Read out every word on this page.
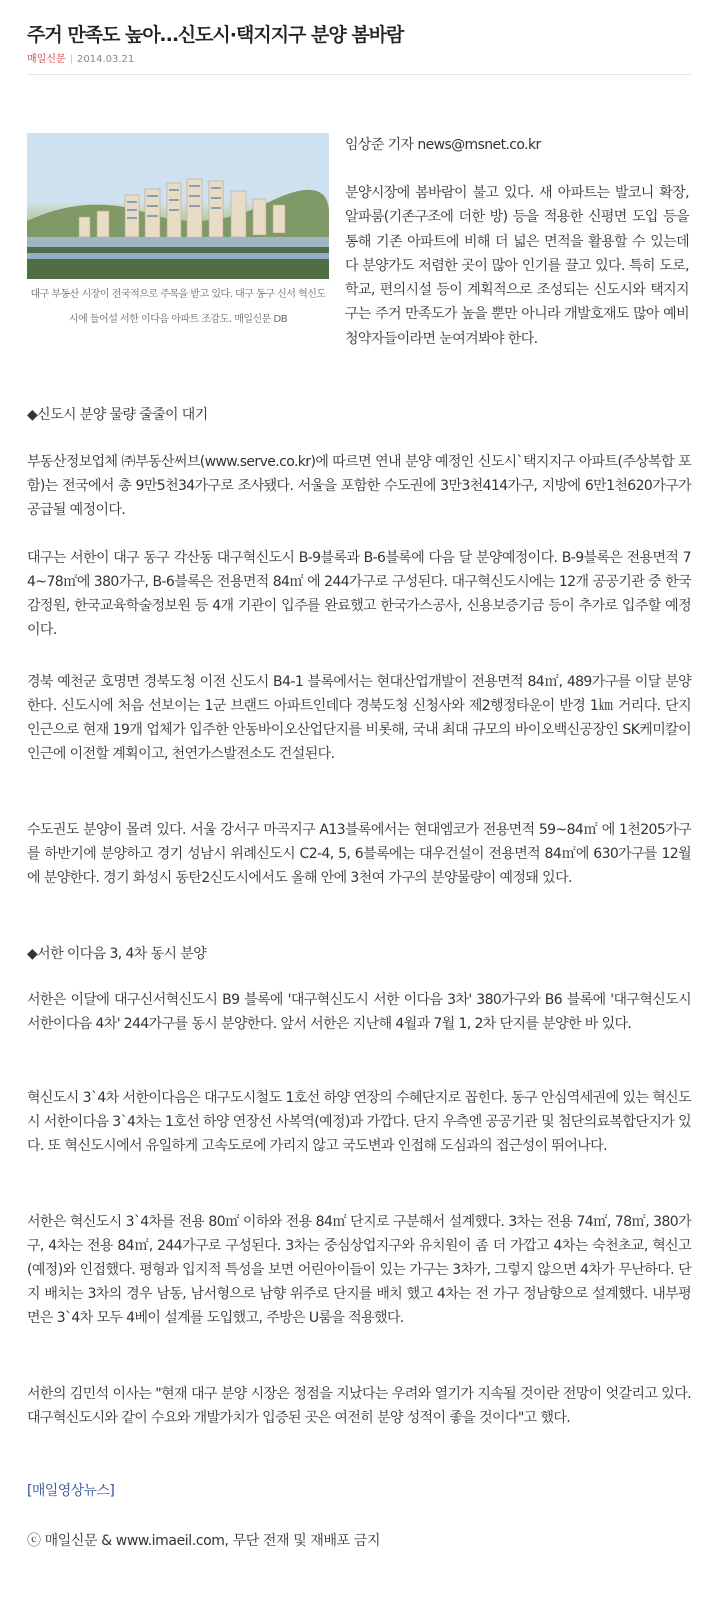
주거 만족도 높아…신도시·택지지구 분양 봄바람
매일신문 | 2014.03.21
대구 부동산 시장이 전국적으로 주목을 받고 있다. 대구 동구 신서 혁신도시에 들어설 서한 이다음 아파트 조감도. 매일신문 DB

임상준 기자 news@msnet.co.kr

분양시장에 봄바람이 불고 있다. 새 아파트는 발코니 확장, 알파룸(기존구조에 더한 방) 등을 적용한 신평면 도입 등을 통해 기존 아파트에 비해 더 넓은 면적을 활용할 수 있는데다 분양가도 저렴한 곳이 많아 인기를 끌고 있다. 특히 도로, 학교, 편의시설 등이 계획적으로 조성되는 신도시와 택지지구는 주거 만족도가 높을 뿐만 아니라 개발호재도 많아 예비 청약자들이라면 눈여겨봐야 한다.

◆신도시 분양 물량 줄줄이 대기

부동산정보업체 ㈜부동산써브(www.serve.co.kr)에 따르면 연내 분양 예정인 신도시`택지지구 아파트(주상복합 포함)는 전국에서 총 9만5천34가구로 조사됐다. 서울을 포함한 수도권에 3만3천414가구, 지방에 6만1천620가구가 공급될 예정이다.

대구는 서한이 대구 동구 각산동 대구혁신도시 B-9블록과 B-6블록에 다음 달 분양예정이다. B-9블록은 전용면적 74~78㎡에 380가구, B-6블록은 전용면적 84㎡ 에 244가구로 구성된다. 대구혁신도시에는 12개 공공기관 중 한국감정원, 한국교육학술정보원 등 4개 기관이 입주를 완료했고 한국가스공사, 신용보증기금 등이 추가로 입주할 예정이다.

경북 예천군 호명면 경북도청 이전 신도시 B4-1 블록에서는 현대산업개발이 전용면적 84㎡, 489가구를 이달 분양한다. 신도시에 처음 선보이는 1군 브랜드 아파트인데다 경북도청 신청사와 제2행정타운이 반경 1㎞ 거리다. 단지 인근으로 현재 19개 업체가 입주한 안동바이오산업단지를 비롯해, 국내 최대 규모의 바이오백신공장인 SK케미칼이 인근에 이전할 계획이고, 천연가스발전소도 건설된다.

수도권도 분양이 몰려 있다. 서울 강서구 마곡지구 A13블록에서는 현대엠코가 전용면적 59~84㎡ 에 1천205가구를 하반기에 분양하고 경기 성남시 위례신도시 C2-4, 5, 6블록에는 대우건설이 전용면적 84㎡에 630가구를 12월에 분양한다. 경기 화성시 동탄2신도시에서도 올해 안에 3천여 가구의 분양물량이 예정돼 있다.

◆서한 이다음 3, 4차 동시 분양

서한은 이달에 대구신서혁신도시 B9 블록에 '대구혁신도시 서한 이다음 3차' 380가구와 B6 블록에 '대구혁신도시 서한이다음 4차' 244가구를 동시 분양한다. 앞서 서한은 지난해 4월과 7월 1, 2차 단지를 분양한 바 있다.

혁신도시 3`4차 서한이다음은 대구도시철도 1호선 하양 연장의 수혜단지로 꼽힌다. 동구 안심역세권에 있는 혁신도시 서한이다음 3`4차는 1호선 하양 연장선 사복역(예정)과 가깝다. 단지 우측엔 공공기관 및 첨단의료복합단지가 있다. 또 혁신도시에서 유일하게 고속도로에 가리지 않고 국도변과 인접해 도심과의 접근성이 뛰어나다.

서한은 혁신도시 3`4차를 전용 80㎡ 이하와 전용 84㎡ 단지로 구분해서 설계했다. 3차는 전용 74㎡, 78㎡, 380가구, 4차는 전용 84㎡, 244가구로 구성된다. 3차는 중심상업지구와 유치원이 좀 더 가깝고 4차는 숙천초교, 혁신고(예정)와 인접했다. 평형과 입지적 특성을 보면 어린아이들이 있는 가구는 3차가, 그렇지 않으면 4차가 무난하다. 단지 배치는 3차의 경우 남동, 남서형으로 남향 위주로 단지를 배치 했고 4차는 전 가구 정남향으로 설계했다. 내부평면은 3`4차 모두 4베이 설계를 도입했고, 주방은 U룸을 적용했다.

서한의 김민석 이사는 "현재 대구 분양 시장은 정점을 지났다는 우려와 열기가 지속될 것이란 전망이 엇갈리고 있다. 대구혁신도시와 같이 수요와 개발가치가 입증된 곳은 여전히 분양 성적이 좋을 것이다"고 했다.

[매일영상뉴스]

ⓒ 매일신문 & www.imaeil.com, 무단 전재 및 재배포 금지
